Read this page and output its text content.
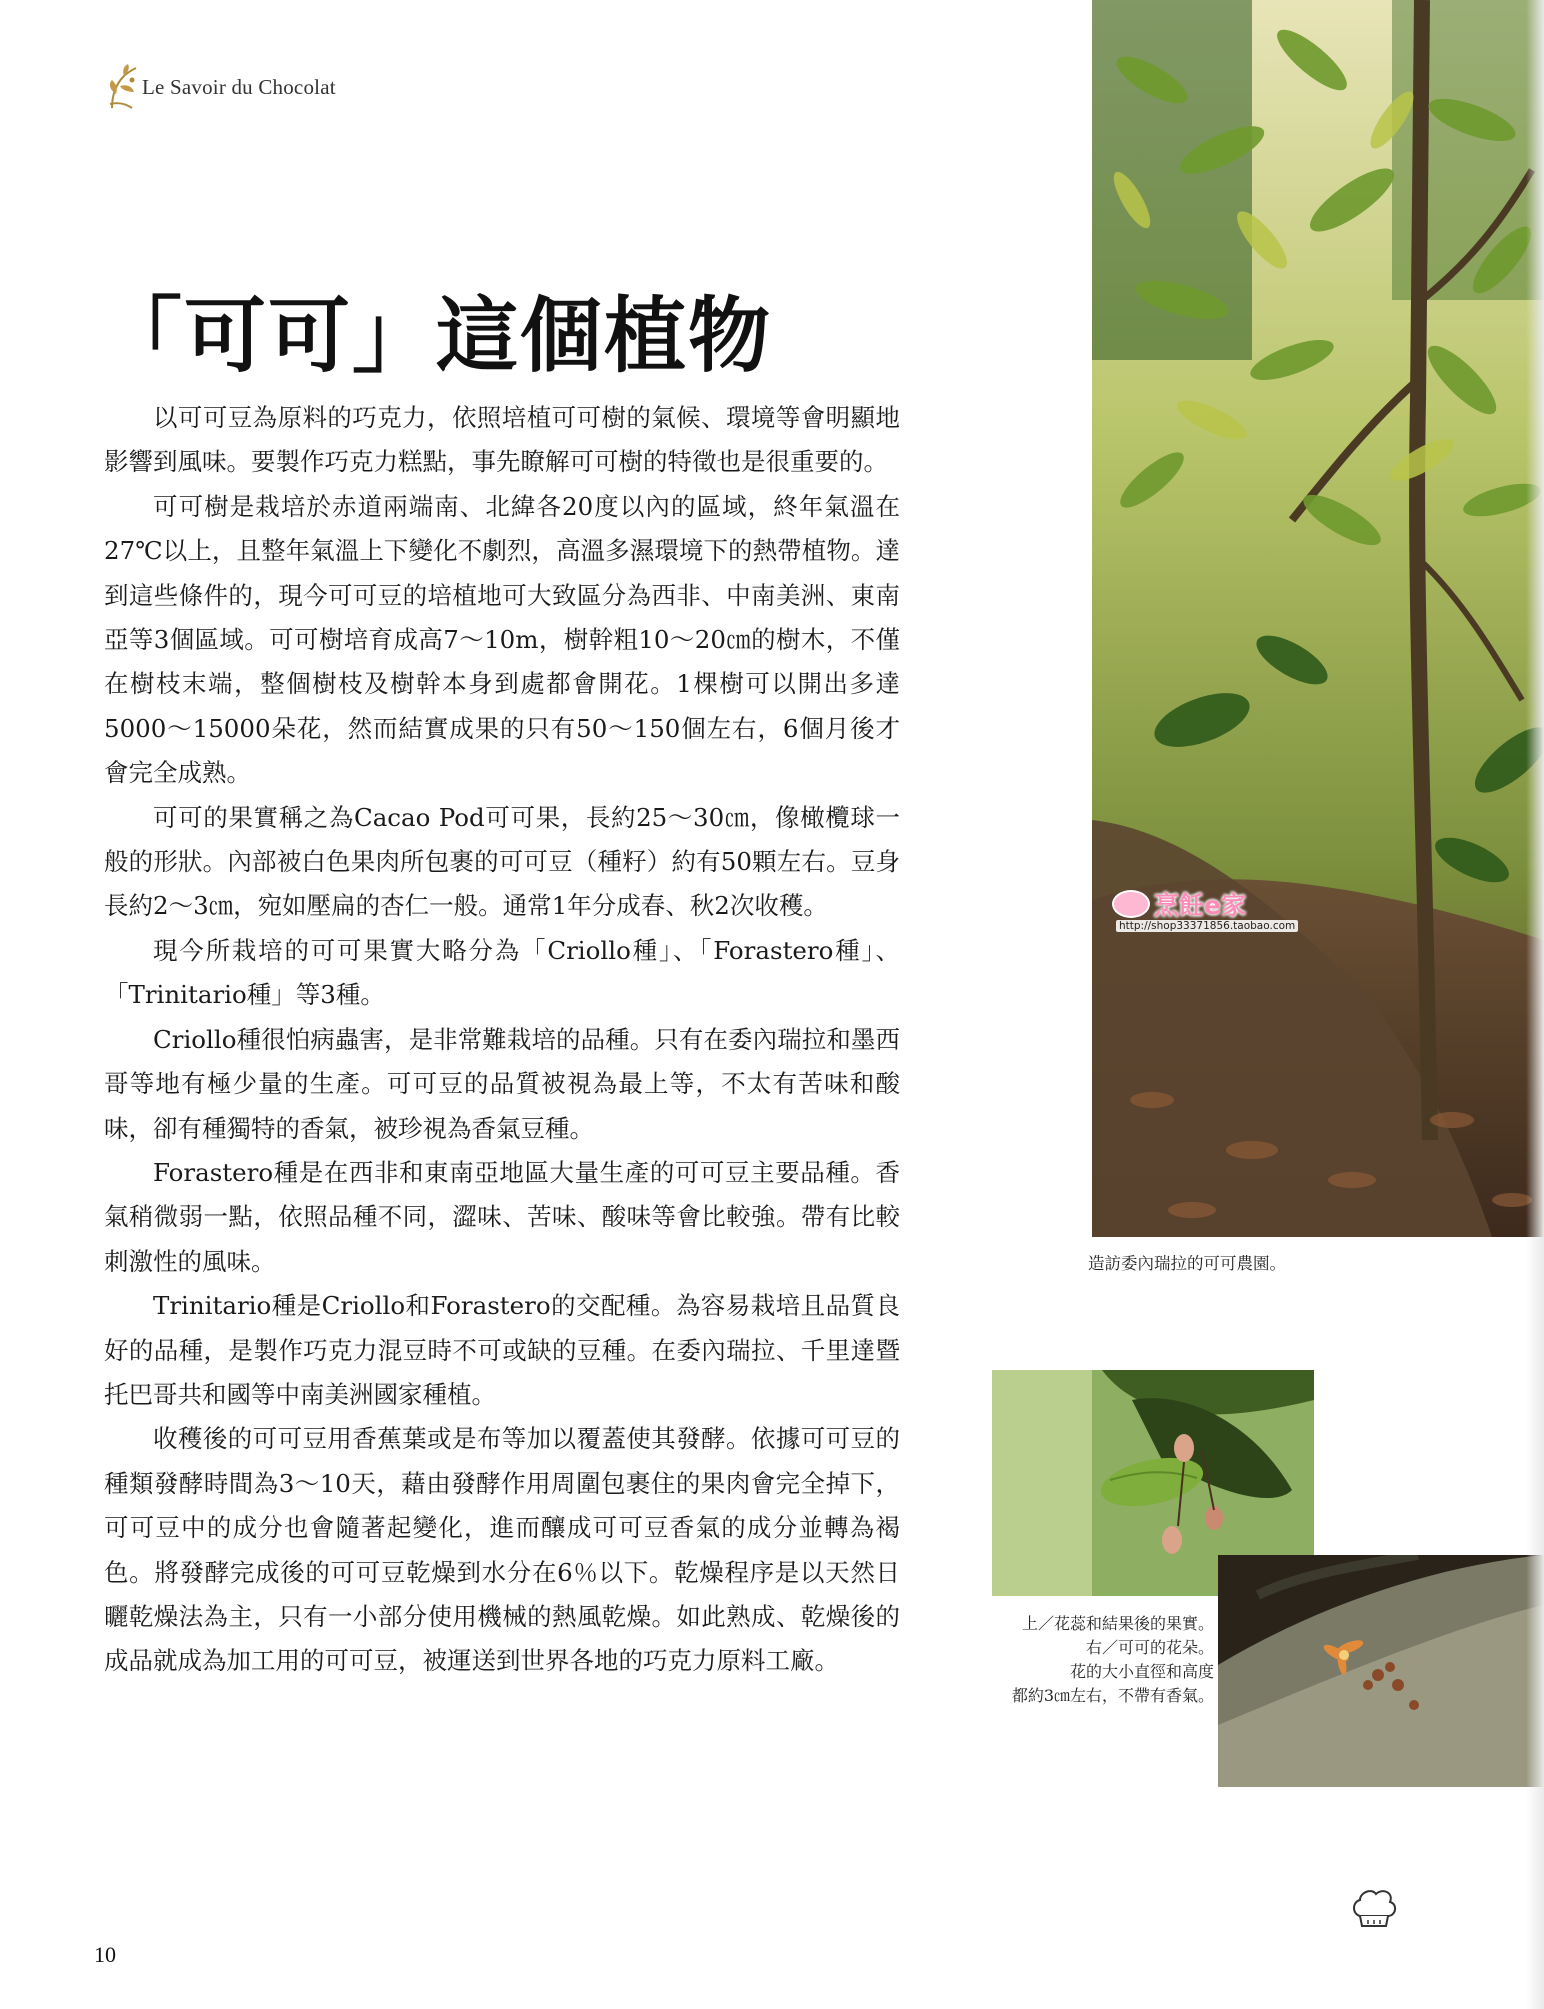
Le Savoir du Chocolat
「可可」這個植物

以可可豆為原料的巧克力，依照培植可可樹的氣候、環境等會明顯地影響到風味。要製作巧克力糕點，事先瞭解可可樹的特徵也是很重要的。

可可樹是栽培於赤道兩端南、北緯各20度以內的區域，終年氣溫在27℃以上，且整年氣溫上下變化不劇烈，高溫多濕環境下的熱帶植物。達到這些條件的，現今可可豆的培植地可大致區分為西非、中南美洲、東南亞等3個區域。可可樹培育成高7～10m，樹幹粗10～20㎝的樹木，不僅在樹枝末端，整個樹枝及樹幹本身到處都會開花。1棵樹可以開出多達5000～15000朵花，然而結實成果的只有50～150個左右，6個月後才會完全成熟。

可可的果實稱之為Cacao Pod可可果，長約25～30㎝，像橄欖球一般的形狀。內部被白色果肉所包裹的可可豆（種籽）約有50顆左右。豆身長約2～3㎝，宛如壓扁的杏仁一般。通常1年分成春、秋2次收穫。

現今所栽培的可可果實大略分為「Criollo種」、「Forastero種」、「Trinitario種」等3種。

Criollo種很怕病蟲害，是非常難栽培的品種。只有在委內瑞拉和墨西哥等地有極少量的生產。可可豆的品質被視為最上等，不太有苦味和酸味，卻有種獨特的香氣，被珍視為香氣豆種。

Forastero種是在西非和東南亞地區大量生產的可可豆主要品種。香氣稍微弱一點，依照品種不同，澀味、苦味、酸味等會比較強。帶有比較刺激性的風味。

Trinitario種是Criollo和Forastero的交配種。為容易栽培且品質良好的品種，是製作巧克力混豆時不可或缺的豆種。在委內瑞拉、千里達暨托巴哥共和國等中南美洲國家種植。

收穫後的可可豆用香蕉葉或是布等加以覆蓋使其發酵。依據可可豆的種類發酵時間為3～10天，藉由發酵作用周圍包裹住的果肉會完全掉下，可可豆中的成分也會隨著起變化，進而釀成可可豆香氣的成分並轉為褐色。將發酵完成後的可可豆乾燥到水分在6％以下。乾燥程序是以天然日曬乾燥法為主，只有一小部分使用機械的熱風乾燥。如此熟成、乾燥後的成品就成為加工用的可可豆，被運送到世界各地的巧克力原料工廠。

烹飪e家
http://shop33371856.taobao.com
造訪委內瑞拉的可可農園。
上／花蕊和結果後的果實。
右／可可的花朵。
花的大小直徑和高度
都約3㎝左右，不帶有香氣。
10
